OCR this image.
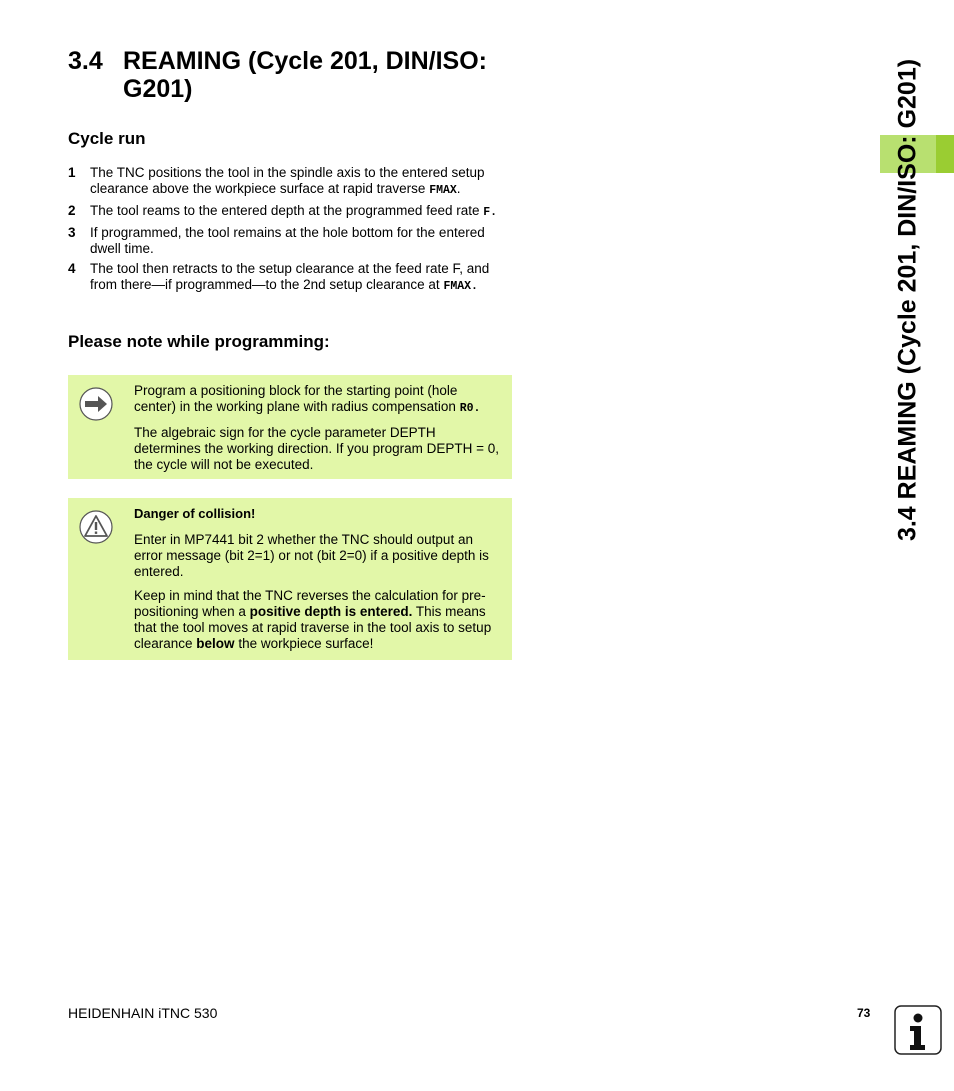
3.4 REAMING (Cycle 201, DIN/ISO: G201)
Cycle run
1 The TNC positions the tool in the spindle axis to the entered setup clearance above the workpiece surface at rapid traverse FMAX.
2 The tool reams to the entered depth at the programmed feed rate F.
3 If programmed, the tool remains at the hole bottom for the entered dwell time.
4 The tool then retracts to the setup clearance at the feed rate F, and from there—if programmed—to the 2nd setup clearance at FMAX.
Please note while programming:

Program a positioning block for the starting point (hole center) in the working plane with radius compensation R0.

The algebraic sign for the cycle parameter DEPTH determines the working direction. If you program DEPTH = 0, the cycle will not be executed.

Danger of collision!

Enter in MP7441 bit 2 whether the TNC should output an error message (bit 2=1) or not (bit 2=0) if a positive depth is entered.

Keep in mind that the TNC reverses the calculation for pre-positioning when a positive depth is entered. This means that the tool moves at rapid traverse in the tool axis to setup clearance below the workpiece surface!

3.4 REAMING (Cycle 201, DIN/ISO: G201)
HEIDENHAIN iTNC 530	73
